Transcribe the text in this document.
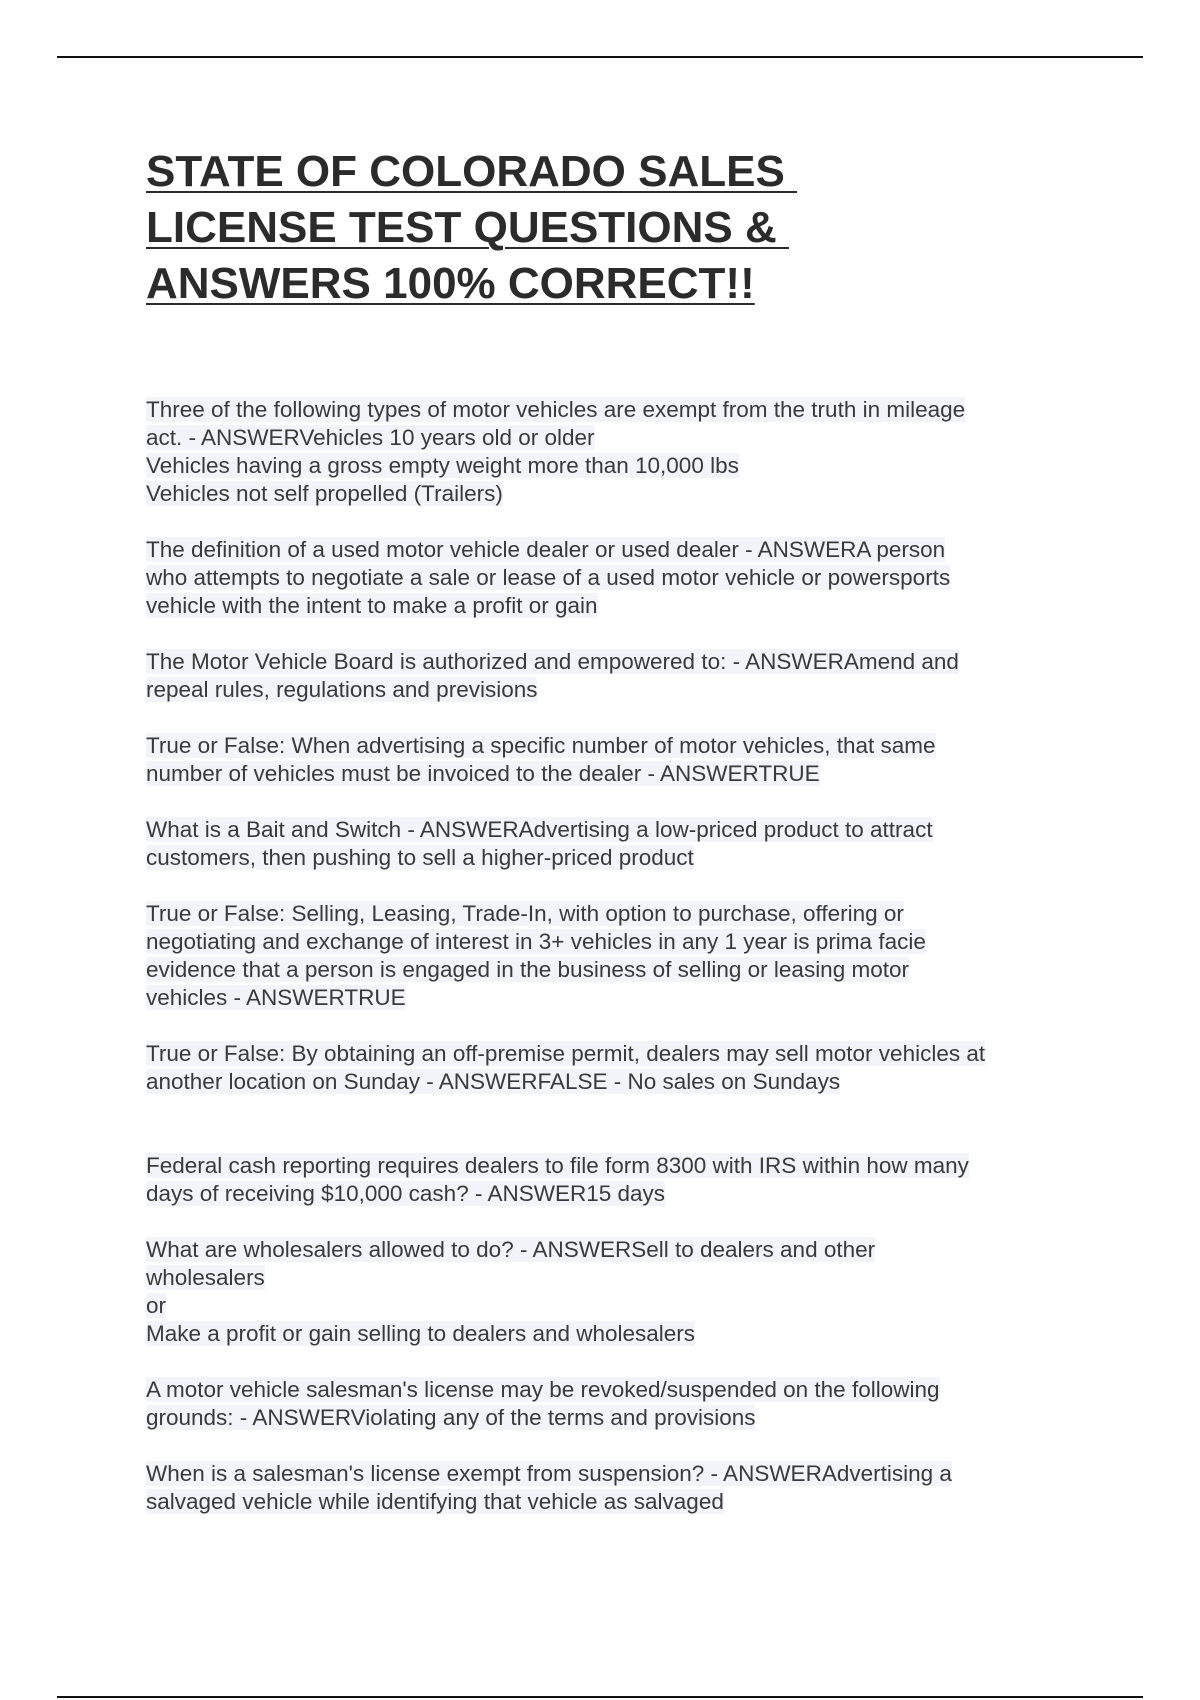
STATE OF COLORADO SALES
LICENSE TEST QUESTIONS &
ANSWERS 100% CORRECT!!
Three of the following types of motor vehicles are exempt from the truth in mileage
act. - ANSWERVehicles 10 years old or older
Vehicles having a gross empty weight more than 10,000 lbs
Vehicles not self propelled (Trailers)
The definition of a used motor vehicle dealer or used dealer - ANSWERA person
who attempts to negotiate a sale or lease of a used motor vehicle or powersports
vehicle with the intent to make a profit or gain
The Motor Vehicle Board is authorized and empowered to: - ANSWERAmend and
repeal rules, regulations and previsions
True or False: When advertising a specific number of motor vehicles, that same
number of vehicles must be invoiced to the dealer - ANSWERTRUE
What is a Bait and Switch - ANSWERAdvertising a low-priced product to attract
customers, then pushing to sell a higher-priced product
True or False: Selling, Leasing, Trade-In, with option to purchase, offering or
negotiating and exchange of interest in 3+ vehicles in any 1 year is prima facie
evidence that a person is engaged in the business of selling or leasing motor
vehicles - ANSWERTRUE
True or False: By obtaining an off-premise permit, dealers may sell motor vehicles at
another location on Sunday - ANSWERFALSE - No sales on Sundays
Federal cash reporting requires dealers to file form 8300 with IRS within how many
days of receiving $10,000 cash? - ANSWER15 days
What are wholesalers allowed to do? - ANSWERSell to dealers and other
wholesalers
or
Make a profit or gain selling to dealers and wholesalers
A motor vehicle salesman's license may be revoked/suspended on the following
grounds: - ANSWERViolating any of the terms and provisions
When is a salesman's license exempt from suspension? - ANSWERAdvertising a
salvaged vehicle while identifying that vehicle as salvaged
